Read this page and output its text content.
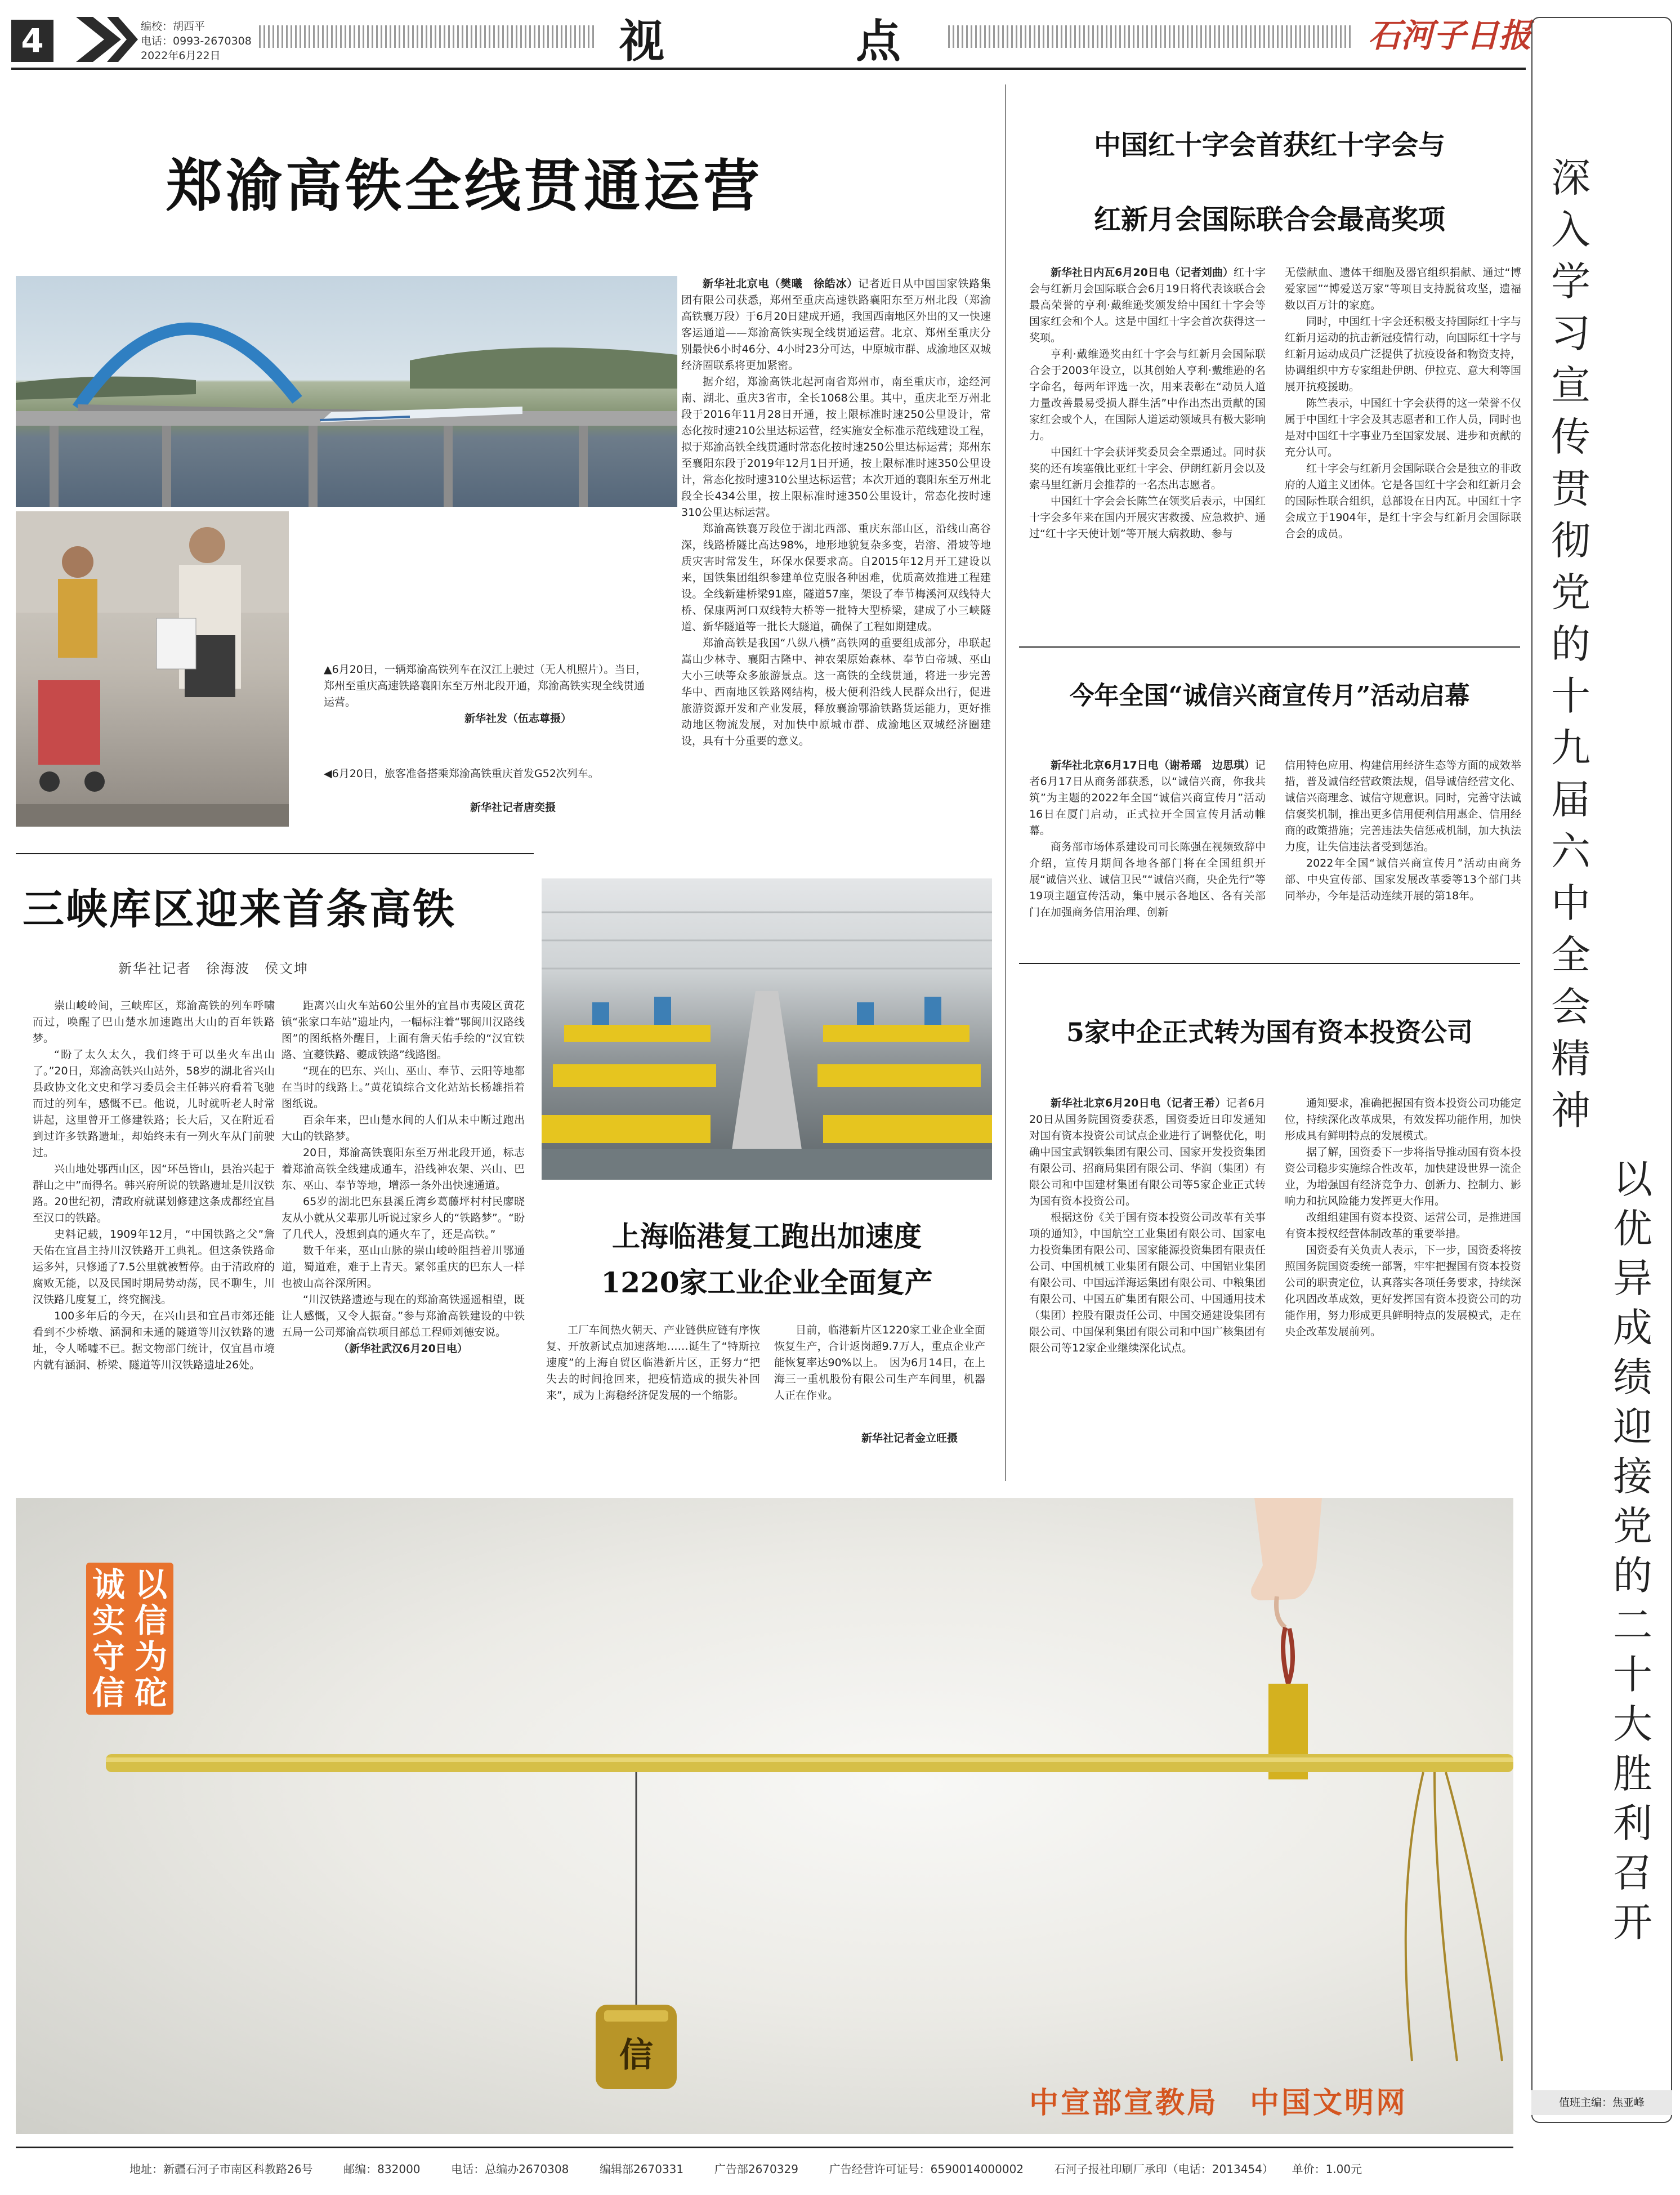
4	编校：胡西平
电话：0993-2670308
2022年6月22日	视	点	石河子日报
郑渝高铁全线贯通运营
▲6月20日，一辆郑渝高铁列车在汉江上驶过（无人机照片）。当日，郑州至重庆高速铁路襄阳东至万州北段开通，郑渝高铁实现全线贯通运营。
新华社发（伍志尊摄）
◀6月20日，旅客准备搭乘郑渝高铁重庆首发G52次列车。
新华社记者唐奕摄

新华社北京电（樊曦　徐皓冰）记者近日从中国国家铁路集团有限公司获悉，郑州至重庆高速铁路襄阳东至万州北段（郑渝高铁襄万段）于6月20日建成开通，我国西南地区外出的又一快速客运通道——郑渝高铁实现全线贯通运营。北京、郑州至重庆分别最快6小时46分、4小时23分可达，中原城市群、成渝地区双城经济圈联系将更加紧密。

据介绍，郑渝高铁北起河南省郑州市，南至重庆市，途经河南、湖北、重庆3省市，全长1068公里。其中，重庆北至万州北段于2016年11月28日开通，按上限标准时速250公里设计，常态化按时速210公里达标运营，经实施安全标准示范线建设工程，拟于郑渝高铁全线贯通时常态化按时速250公里达标运营；郑州东至襄阳东段于2019年12月1日开通，按上限标准时速350公里设计，常态化按时速310公里达标运营；本次开通的襄阳东至万州北段全长434公里，按上限标准时速350公里设计，常态化按时速310公里达标运营。

郑渝高铁襄万段位于湖北西部、重庆东部山区，沿线山高谷深，线路桥隧比高达98%，地形地貌复杂多变，岩溶、滑坡等地质灾害时常发生，环保水保要求高。自2015年12月开工建设以来，国铁集团组织参建单位克服各种困难，优质高效推进工程建设。全线新建桥梁91座，隧道57座，架设了奉节梅溪河双线特大桥、保康两河口双线特大桥等一批特大型桥梁，建成了小三峡隧道、新华隧道等一批长大隧道，确保了工程如期建成。

郑渝高铁是我国“八纵八横”高铁网的重要组成部分，串联起嵩山少林寺、襄阳古隆中、神农架原始森林、奉节白帝城、巫山大小三峡等众多旅游景点。这一高铁的全线贯通，将进一步完善华中、西南地区铁路网结构，极大便利沿线人民群众出行，促进旅游资源开发和产业发展，释放襄渝鄂渝铁路货运能力，更好推动地区物流发展，对加快中原城市群、成渝地区双城经济圈建设，具有十分重要的意义。

中国红十字会首获红十字会与
红新月会国际联合会最高奖项

新华社日内瓦6月20日电（记者刘曲）红十字会与红新月会国际联合会6月19日将代表该联合会最高荣誉的亨利·戴维逊奖颁发给中国红十字会等国家红会和个人。这是中国红十字会首次获得这一奖项。

亨利·戴维逊奖由红十字会与红新月会国际联合会于2003年设立，以其创始人亨利·戴维逊的名字命名，每两年评选一次，用来表彰在“动员人道力量改善最易受损人群生活”中作出杰出贡献的国家红会或个人，在国际人道运动领域具有极大影响力。

中国红十字会获评奖委员会全票通过。同时获奖的还有埃塞俄比亚红十字会、伊朗红新月会以及索马里红新月会推荐的一名杰出志愿者。

中国红十字会会长陈竺在领奖后表示，中国红十字会多年来在国内开展灾害救援、应急救护、通过“红十字天使计划”等开展大病救助、参与

无偿献血、遗体干细胞及器官组织捐献、通过“博爱家园”“博爱送万家”等项目支持脱贫攻坚，遗福数以百万计的家庭。

同时，中国红十字会还积极支持国际红十字与红新月运动的抗击新冠疫情行动，向国际红十字与红新月运动成员广泛提供了抗疫设备和物资支持，协调组织中方专家组赴伊朗、伊拉克、意大利等国展开抗疫援助。

陈竺表示，中国红十字会获得的这一荣誉不仅属于中国红十字会及其志愿者和工作人员，同时也是对中国红十字事业乃至国家发展、进步和贡献的充分认可。

红十字会与红新月会国际联合会是独立的非政府的人道主义团体。它是各国红十字会和红新月会的国际性联合组织，总部设在日内瓦。中国红十字会成立于1904年，是红十字会与红新月会国际联合会的成员。

今年全国“诚信兴商宣传月”活动启幕

新华社北京6月17日电（谢希瑶　边思琪）记者6月17日从商务部获悉，以“诚信兴商，你我共筑”为主题的2022年全国“诚信兴商宣传月”活动16日在厦门启动，正式拉开全国宣传月活动帷幕。

商务部市场体系建设司司长陈强在视频致辞中介绍，宣传月期间各地各部门将在全国组织开展“诚信兴业、诚信卫民”“诚信兴商，央企先行”等19项主题宣传活动，集中展示各地区、各有关部门在加强商务信用治理、创新

信用特色应用、构建信用经济生态等方面的成效举措，普及诚信经营政策法规，倡导诚信经营文化、诚信兴商理念、诚信守规意识。同时，完善守法诚信褒奖机制，推出更多信用便利信用惠企、信用经商的政策措施；完善违法失信惩戒机制，加大执法力度，让失信违法者受到惩治。

2022年全国“诚信兴商宣传月”活动由商务部、中央宣传部、国家发展改革委等13个部门共同举办，今年是活动连续开展的第18年。

5家中企正式转为国有资本投资公司

新华社北京6月20日电（记者王希）记者6月20日从国务院国资委获悉，国资委近日印发通知对国有资本投资公司试点企业进行了调整优化，明确中国宝武钢铁集团有限公司、国家开发投资集团有限公司、招商局集团有限公司、华润（集团）有限公司和中国建材集团有限公司等5家企业正式转为国有资本投资公司。

根据这份《关于国有资本投资公司改革有关事项的通知》，中国航空工业集团有限公司、国家电力投资集团有限公司、国家能源投资集团有限责任公司、中国机械工业集团有限公司、中国铝业集团有限公司、中国远洋海运集团有限公司、中粮集团有限公司、中国五矿集团有限公司、中国通用技术（集团）控股有限责任公司、中国交通建设集团有限公司、中国保利集团有限公司和中国广核集团有限公司等12家企业继续深化试点。

通知要求，准确把握国有资本投资公司功能定位，持续深化改革成果，有效发挥功能作用，加快形成具有鲜明特点的发展模式。

据了解，国资委下一步将指导推动国有资本投资公司稳步实施综合性改革，加快建设世界一流企业，为增强国有经济竞争力、创新力、控制力、影响力和抗风险能力发挥更大作用。

改组组建国有资本投资、运营公司，是推进国有资本授权经营体制改革的重要举措。

国资委有关负责人表示，下一步，国资委将按照国务院国资委统一部署，牢牢把握国有资本投资公司的职责定位，认真落实各项任务要求，持续深化巩固改革成效，更好发挥国有资本投资公司的功能作用，努力形成更具鲜明特点的发展模式，走在央企改革发展前列。

三峡库区迎来首条高铁
新华社记者　徐海波　侯文坤

崇山峻岭间，三峡库区，郑渝高铁的列车呼啸而过，唤醒了巴山楚水加速跑出大山的百年铁路梦。

“盼了太久太久，我们终于可以坐火车出山了。”20日，郑渝高铁兴山站外，58岁的湖北省兴山县政协文化文史和学习委员会主任韩兴府看着飞驰而过的列车，感慨不已。他说，儿时就听老人时常讲起，这里曾开工修建铁路；长大后，又在附近看到过许多铁路遗址，却始终未有一列火车从门前驶过。

兴山地处鄂西山区，因“环邑皆山，县治兴起于群山之中”而得名。韩兴府所说的铁路遗址是川汉铁路。20世纪初，清政府就谋划修建这条成都经宜昌至汉口的铁路。

史料记载，1909年12月，“中国铁路之父”詹天佑在宜昌主持川汉铁路开工典礼。但这条铁路命运多舛，只修通了7.5公里就被暂停。由于清政府的腐败无能，以及民国时期局势动荡，民不聊生，川汉铁路几度复工，终究搁浅。

100多年后的今天，在兴山县和宜昌市郊还能看到不少桥墩、涵洞和未通的隧道等川汉铁路的遗址，令人唏嘘不已。据文物部门统计，仅宜昌市境内就有涵洞、桥梁、隧道等川汉铁路遗址26处。

距离兴山火车站60公里外的宜昌市夷陵区黄花镇“张家口车站”遗址内，一幅标注着“鄂闽川汉路线图”的图纸格外醒目，上面有詹天佑手绘的“汉宜铁路、宜夔铁路、夔成铁路”线路图。

“现在的巴东、兴山、巫山、奉节、云阳等地都在当时的线路上。”黄花镇综合文化站站长杨雄指着图纸说。

百余年来，巴山楚水间的人们从未中断过跑出大山的铁路梦。

20日，郑渝高铁襄阳东至万州北段开通，标志着郑渝高铁全线建成通车，沿线神农架、兴山、巴东、巫山、奉节等地，增添一条外出快速通道。

65岁的湖北巴东县溪丘湾乡葛藤坪村村民廖晓友从小就从父辈那儿听说过家乡人的“铁路梦”。“盼了几代人，没想到真的通火车了，还是高铁。”

数千年来，巫山山脉的崇山峻岭阻挡着川鄂通道，蜀道难，难于上青天。紧邻重庆的巴东人一样也被山高谷深所困。

“川汉铁路遗迹与现在的郑渝高铁遥遥相望，既让人感慨，又令人振奋。”参与郑渝高铁建设的中铁五局一公司郑渝高铁项目部总工程师刘德安说。

（新华社武汉6月20日电）

上海临港复工跑出加速度
1220家工业企业全面复产

工厂车间热火朝天、产业链供应链有序恢复、开放新试点加速落地……诞生了“特斯拉速度”的上海自贸区临港新片区，正努力“把失去的时间抢回来，把疫情造成的损失补回来”，成为上海稳经济促发展的一个缩影。

目前，临港新片区1220家工业企业全面恢复生产，合计返岗超9.7万人，重点企业产能恢复率达90%以上。　因为6月14日，在上海三一重机股份有限公司生产车间里，机器人正在作业。

新华社记者金立旺摄
深入学习宣传贯彻党的十九届六中全会精神
以优异成绩迎接党的二十大胜利召开
值班主编：焦亚峰
信
以信为砣
诚实守信
中宣部宣教局　中国文明网
地址：新疆石河子市南区科教路26号	邮编：832000	电话：总编办2670308	编辑部2670331	广告部2670329	广告经营许可证号：6590014000002	石河子报社印刷厂承印（电话：2013454） 单价：1.00元
